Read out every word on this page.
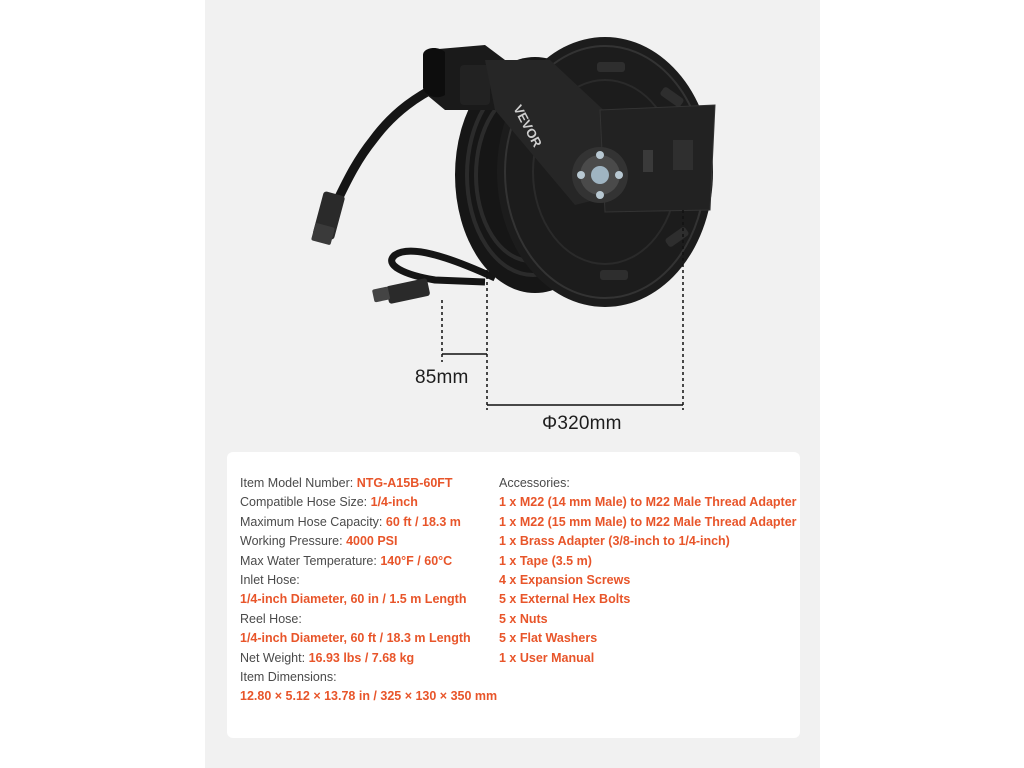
VEVOR
85mm
Φ320mm
Item Model Number: NTG-A15B-60FT
Compatible Hose Size: 1/4-inch
Maximum Hose Capacity: 60 ft / 18.3 m
Working Pressure: 4000 PSI
Max Water Temperature: 140°F / 60°C
Inlet Hose:
1/4-inch Diameter, 60 in / 1.5 m Length
Reel Hose:
1/4-inch Diameter, 60 ft / 18.3 m Length
Net Weight: 16.93 lbs / 7.68 kg
Item Dimensions:
12.80 × 5.12 × 13.78 in / 325 × 130 × 350 mm
Accessories:
1 x M22 (14 mm Male) to M22 Male Thread Adapter
1 x M22 (15 mm Male) to M22 Male Thread Adapter
1 x Brass Adapter (3/8-inch to 1/4-inch)
1 x Tape (3.5 m)
4 x Expansion Screws
5 x External Hex Bolts
5 x Nuts
5 x Flat Washers
1 x User Manual
